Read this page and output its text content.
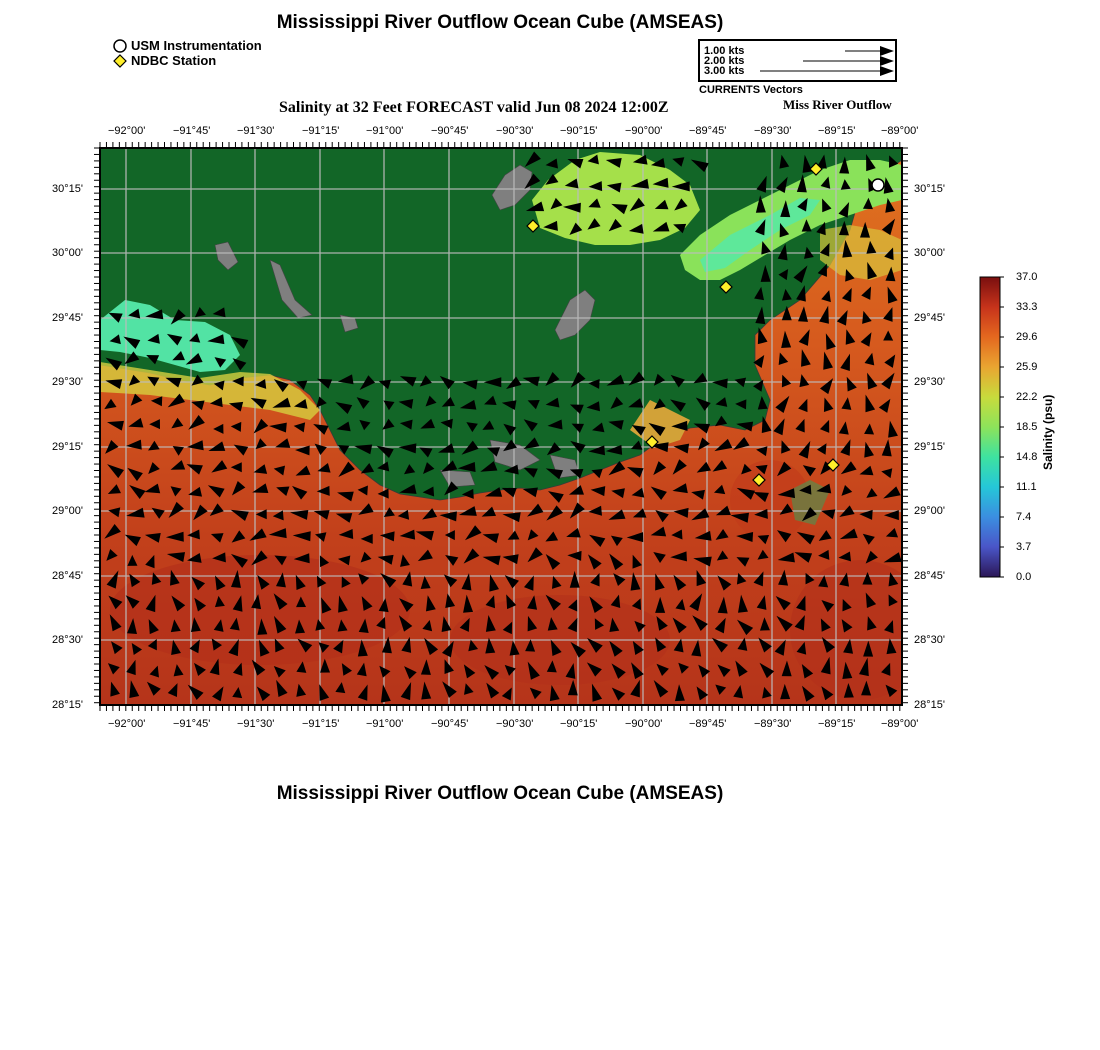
Mississippi River Outflow Ocean Cube (AMSEAS)
USM Instrumentation
NDBC Station
1.00 kts
2.00 kts
3.00 kts
CURRENTS Vectors
Salinity at 32 Feet FORECAST valid Jun 08 2024 12:00Z	Miss River Outflow
−92°00'	−91°45' −91°30'	−91°15' −91°00'	−90°45'	−90°30' −90°15'	−90°00' −89°45'	−89°30' −89°15' −89°00'
−92°00'	−91°45' −91°30'	−91°15' −91°00'	−90°45'	−90°30' −90°15'	−90°00' −89°45'	−89°30' −89°15' −89°00'
30°15'
30°00'
29°45'
29°30'
29°15'
29°00'
28°45'
28°30'
28°15'
30°15'
30°00'
29°45'
29°30'
29°15'
29°00'
28°45'
28°30'
28°15'
37.0
33.3
29.6
25.9
22.2
18.5
14.8
11.1
7.4
3.7
0.0
Salinity (psu)
Mississippi River Outflow Ocean Cube (AMSEAS)
